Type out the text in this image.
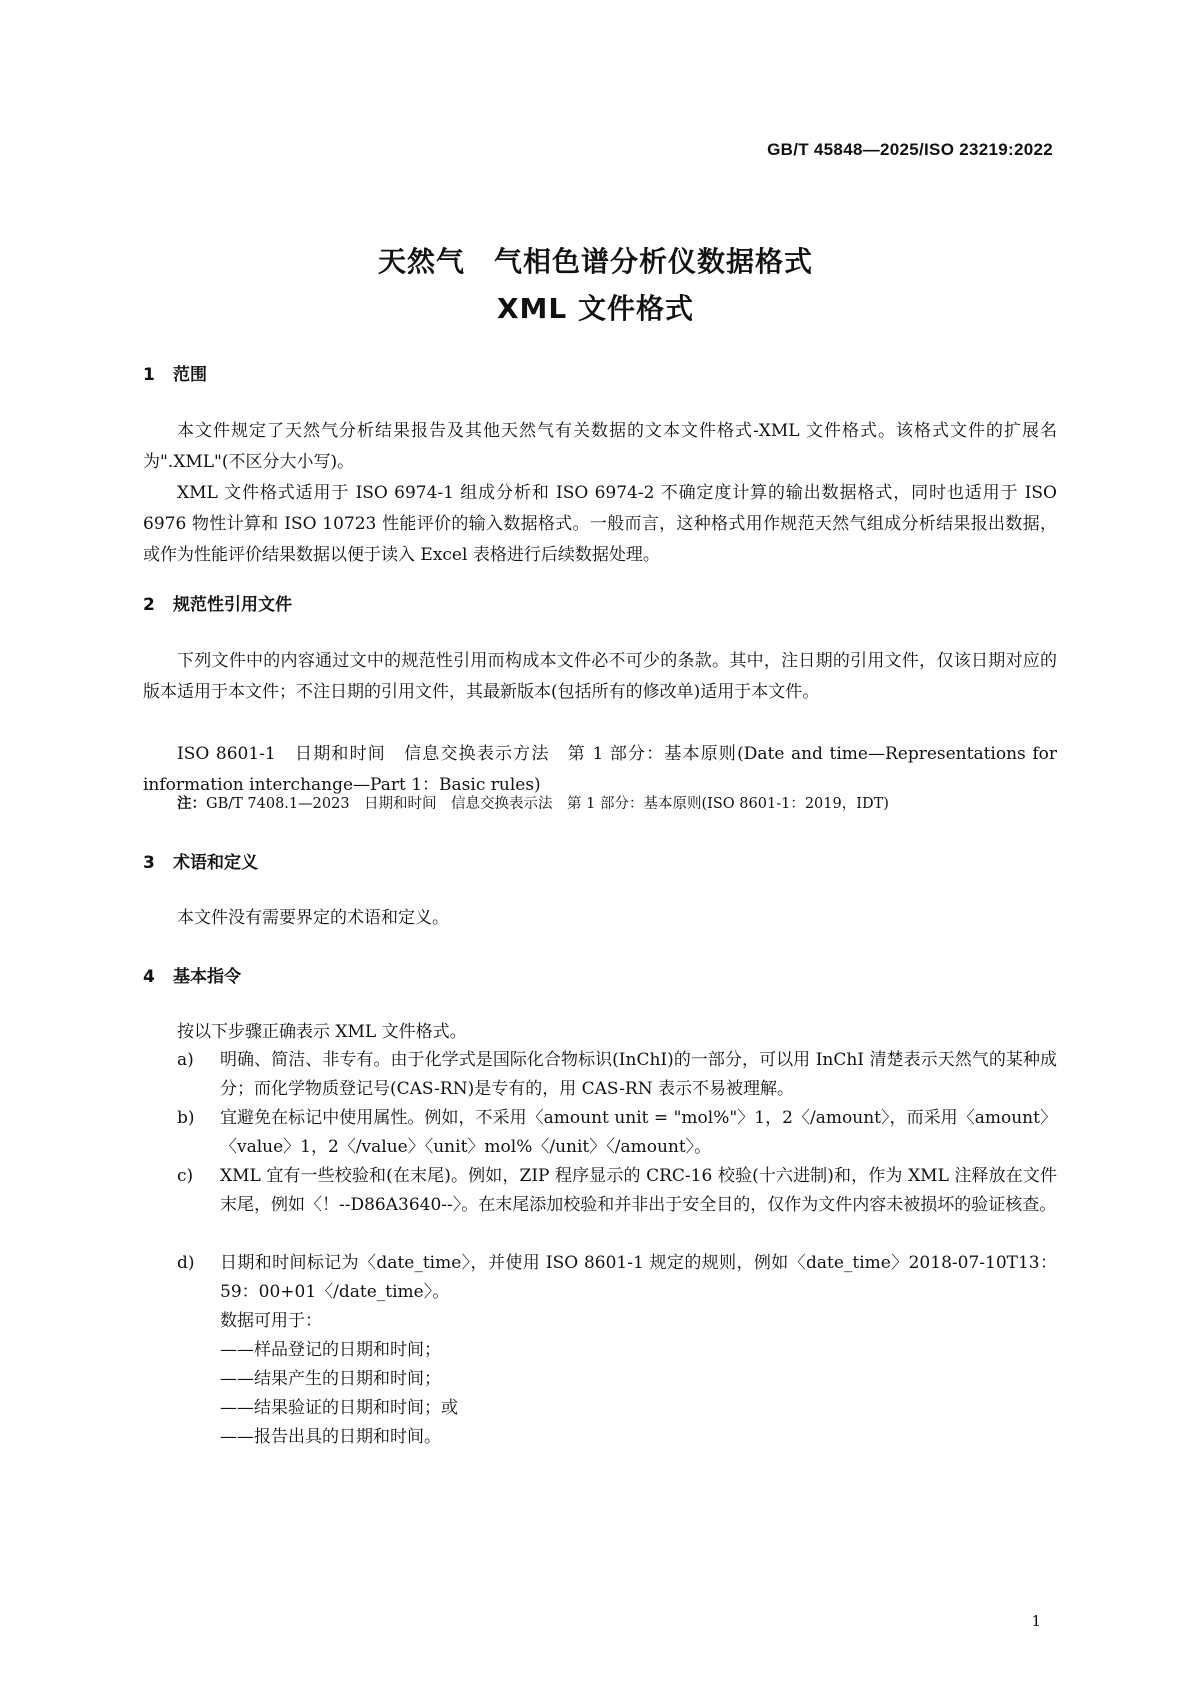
GB/T 45848—2025/ISO 23219:2022
天然气　气相色谱分析仪数据格式
XML 文件格式
1 范围
本文件规定了天然气分析结果报告及其他天然气有关数据的文本文件格式-XML 文件格式。该格式文件的扩展名为".XML"(不区分大小写)。
XML 文件格式适用于 ISO 6974-1 组成分析和 ISO 6974-2 不确定度计算的输出数据格式，同时也适用于 ISO 6976 物性计算和 ISO 10723 性能评价的输入数据格式。一般而言，这种格式用作规范天然气组成分析结果报出数据，或作为性能评价结果数据以便于读入 Excel 表格进行后续数据处理。
2 规范性引用文件
下列文件中的内容通过文中的规范性引用而构成本文件必不可少的条款。其中，注日期的引用文件，仅该日期对应的版本适用于本文件；不注日期的引用文件，其最新版本(包括所有的修改单)适用于本文件。
ISO 8601-1　日期和时间　信息交换表示方法　第 1 部分：基本原则(Date and time—Representations for information interchange—Part 1：Basic rules)
注：GB/T 7408.1—2023　日期和时间　信息交换表示法　第 1 部分：基本原则(ISO 8601-1：2019，IDT)
3 术语和定义
本文件没有需要界定的术语和定义。
4 基本指令
按以下步骤正确表示 XML 文件格式。
a)	明确、简洁、非专有。由于化学式是国际化合物标识(InChI)的一部分，可以用 InChI 清楚表示天然气的某种成分；而化学物质登记号(CAS-RN)是专有的，用 CAS-RN 表示不易被理解。
b)	宜避免在标记中使用属性。例如，不采用〈amount unit = "mol%"〉1，2〈/amount〉，而采用〈amount〉〈value〉1，2〈/value〉〈unit〉mol%〈/unit〉〈/amount〉。
c)	XML 宜有一些校验和(在末尾)。例如，ZIP 程序显示的 CRC-16 校验(十六进制)和，作为 XML 注释放在文件末尾，例如〈！--D86A3640--〉。在末尾添加校验和并非出于安全目的，仅作为文件内容未被损坏的验证核查。
d)	日期和时间标记为〈date_time〉，并使用 ISO 8601-1 规定的规则，例如〈date_time〉2018-07-10T13：59：00+01〈/date_time〉。
数据可用于：
——样品登记的日期和时间；
——结果产生的日期和时间；
——结果验证的日期和时间；或
——报告出具的日期和时间。
1
